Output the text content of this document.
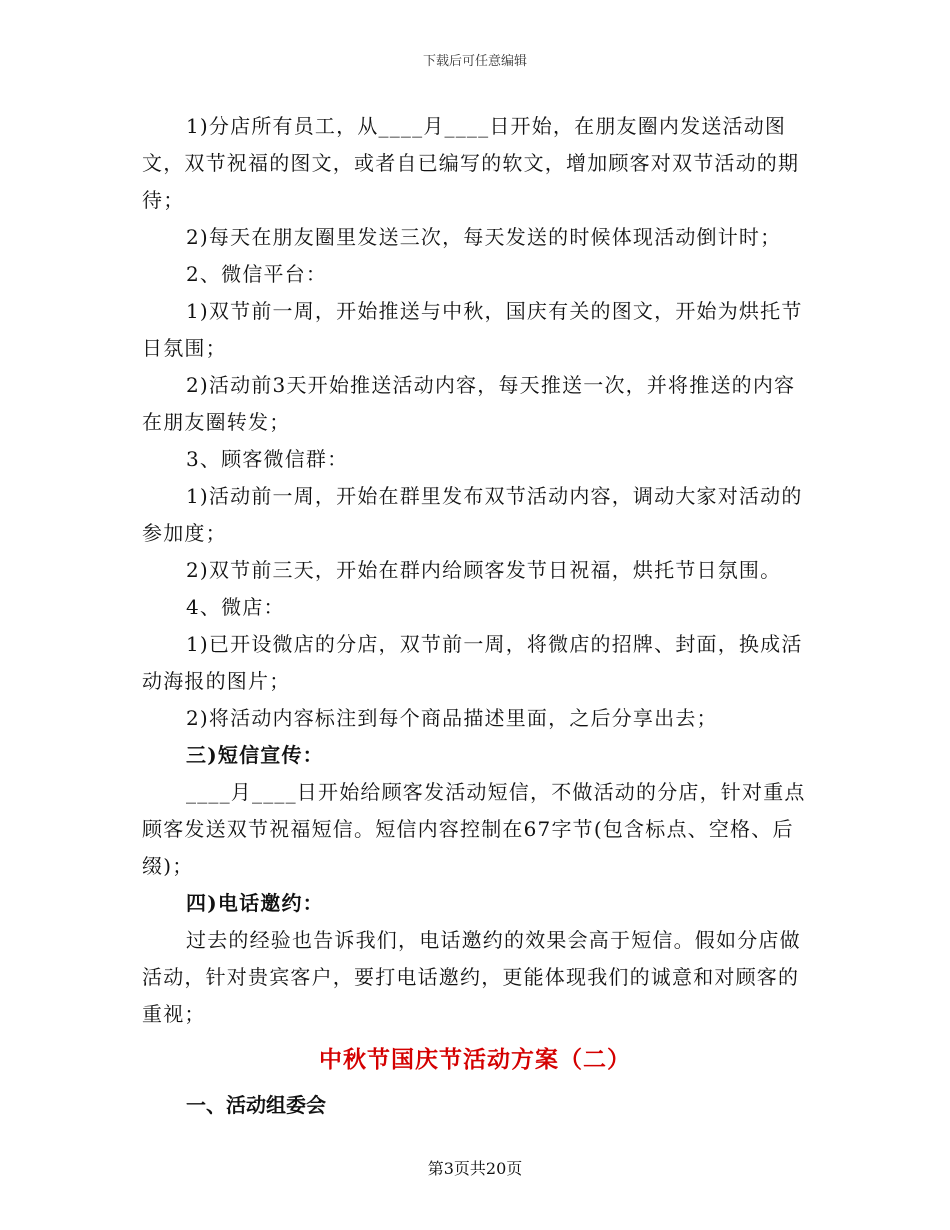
下载后可任意编辑

1)分店所有员工，从____月____日开始，在朋友圈内发送活动图文，双节祝福的图文，或者自已编写的软文，增加顾客对双节活动的期待；

2)每天在朋友圈里发送三次，每天发送的时候体现活动倒计时；

2、微信平台：

1)双节前一周，开始推送与中秋，国庆有关的图文，开始为烘托节日氛围；

2)活动前3天开始推送活动内容，每天推送一次，并将推送的内容在朋友圈转发；

3、顾客微信群：

1)活动前一周，开始在群里发布双节活动内容，调动大家对活动的参加度；

2)双节前三天，开始在群内给顾客发节日祝福，烘托节日氛围。

4、微店：

1)已开设微店的分店，双节前一周，将微店的招牌、封面，换成活动海报的图片；

2)将活动内容标注到每个商品描述里面，之后分享出去；

三)短信宣传：

____月____日开始给顾客发活动短信，不做活动的分店，针对重点顾客发送双节祝福短信。短信内容控制在67字节(包含标点、空格、后缀)；

四)电话邀约：

过去的经验也告诉我们，电话邀约的效果会高于短信。假如分店做活动，针对贵宾客户，要打电话邀约，更能体现我们的诚意和对顾客的重视；

中秋节国庆节活动方案（二）
一、活动组委会
第3页共20页
